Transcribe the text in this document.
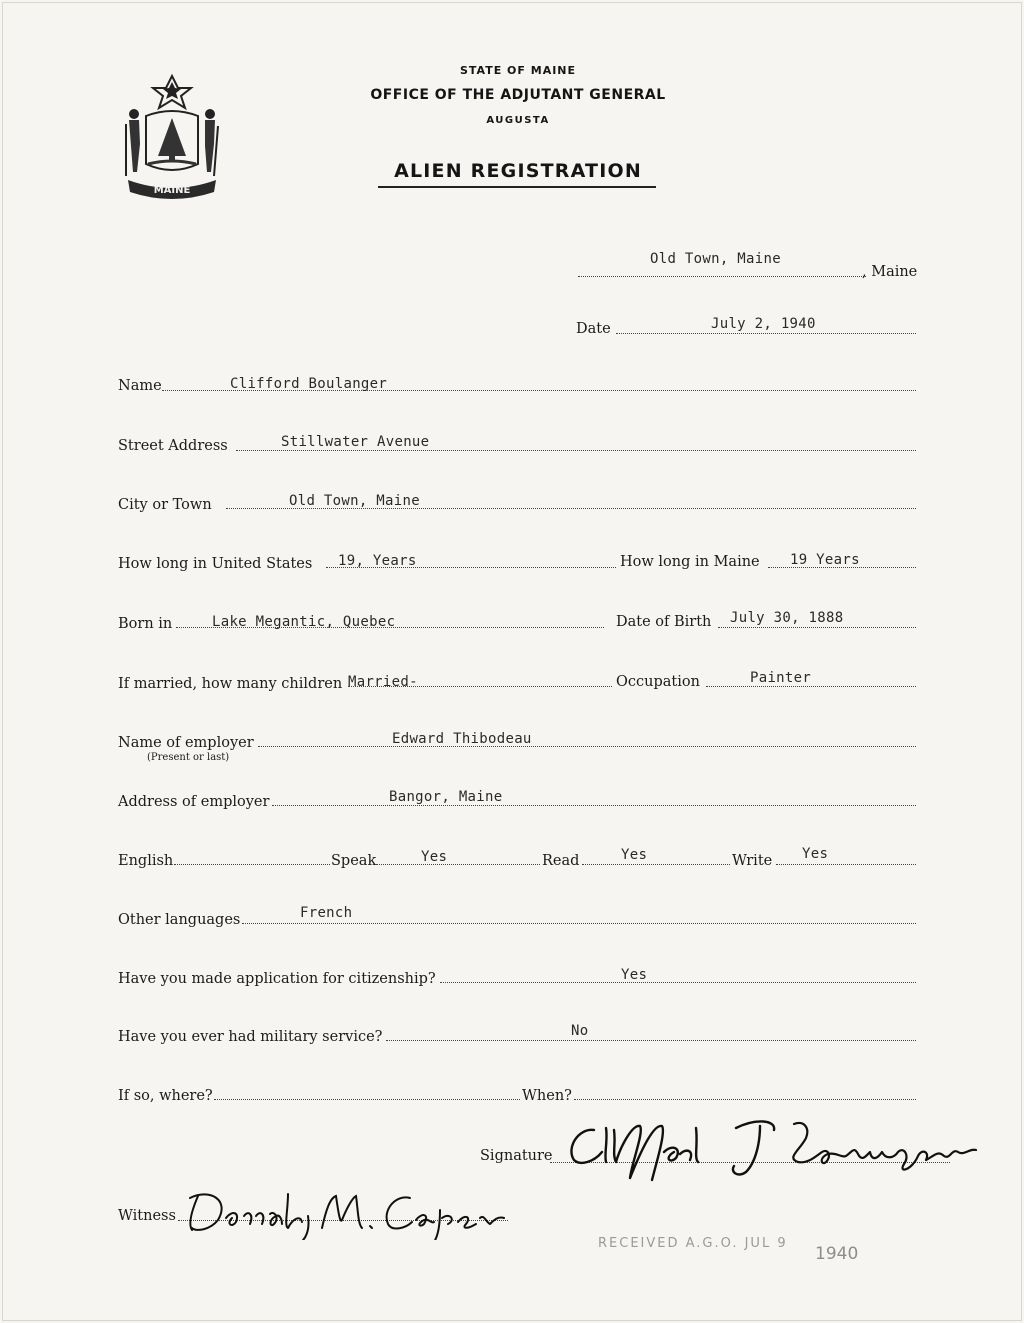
MAINE
STATE OF MAINE
OFFICE OF THE ADJUTANT GENERAL
AUGUSTA
ALIEN REGISTRATION
Old Town, Maine
, Maine
Date	July 2, 1940
Name	Clifford Boulanger
Street Address	Stillwater Avenue
City or Town	Old Town, Maine
How long in United States 19, Years	How long in Maine 19 Years
Born in	Lake Megantic, Quebec	Date of Birth July 30, 1888
If married, how many children Married-	Occupation	Painter
Name of employer
(Present or last)
Edward Thibodeau
Address of employer	Bangor, Maine
English	Speak	Yes	Read	Yes	Write Yes
Other languages	French
Have you made application for citizenship?	Yes
Have you ever had military service?	No
If so, where?	When?
Signature
Witness
RECEIVED A.G.O. JUL 9
1940
